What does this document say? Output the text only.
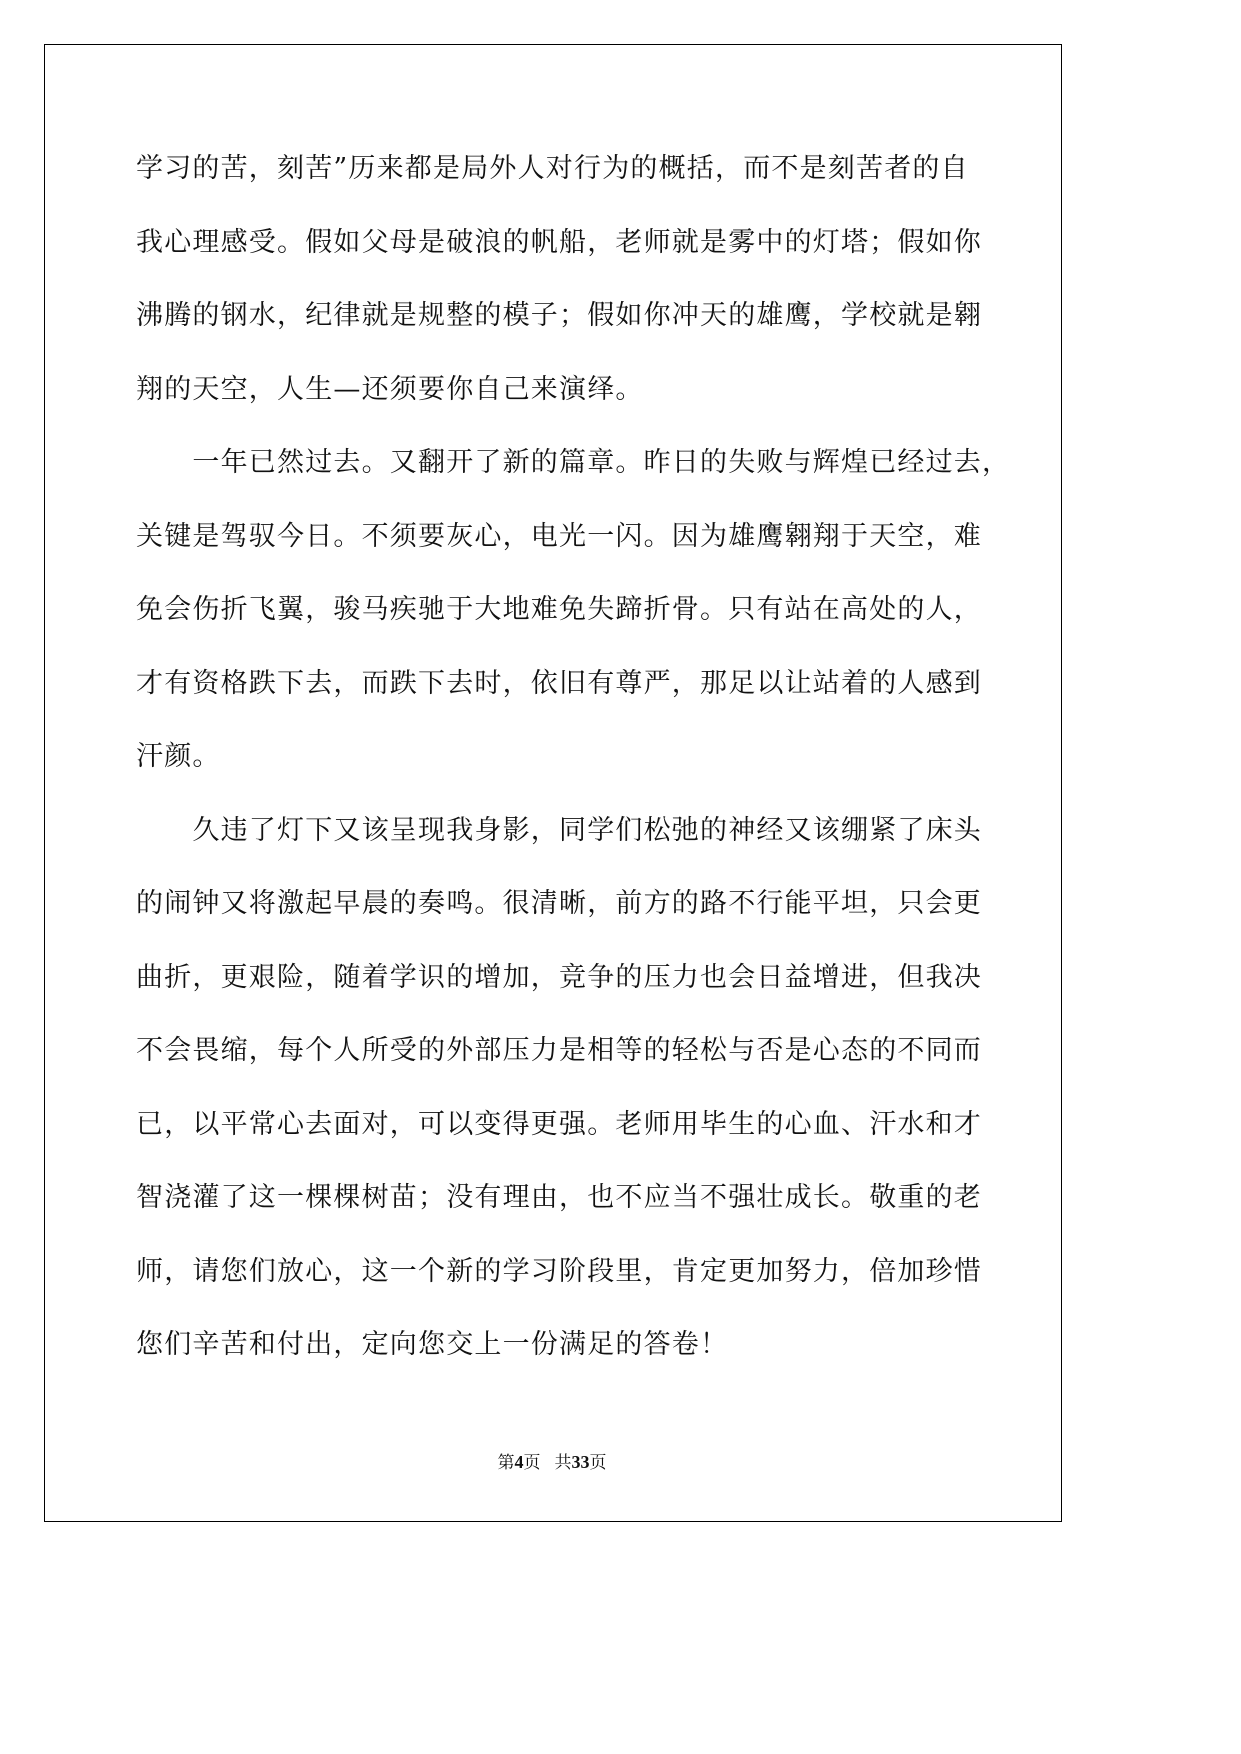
学习的苦，刻苦”历来都是局外人对行为的概括，而不是刻苦者的自
我心理感受。假如父母是破浪的帆船，老师就是雾中的灯塔；假如你
沸腾的钢水，纪律就是规整的模子；假如你冲天的雄鹰，学校就是翱
翔的天空，人生—还须要你自己来演绎。
　　一年已然过去。又翻开了新的篇章。昨日的失败与辉煌已经过去，
关键是驾驭今日。不须要灰心，电光一闪。因为雄鹰翱翔于天空，难
免会伤折飞翼，骏马疾驰于大地难免失蹄折骨。只有站在高处的人，
才有资格跌下去，而跌下去时，依旧有尊严，那足以让站着的人感到
汗颜。
　　久违了灯下又该呈现我身影，同学们松弛的神经又该绷紧了床头
的闹钟又将激起早晨的奏鸣。很清晰，前方的路不行能平坦，只会更
曲折，更艰险，随着学识的增加，竞争的压力也会日益增进，但我决
不会畏缩，每个人所受的外部压力是相等的轻松与否是心态的不同而
已，以平常心去面对，可以变得更强。老师用毕生的心血、汗水和才
智浇灌了这一棵棵树苗；没有理由，也不应当不强壮成长。敬重的老
师，请您们放心，这一个新的学习阶段里，肯定更加努力，倍加珍惜
您们辛苦和付出，定向您交上一份满足的答卷！
第4页 共33页
